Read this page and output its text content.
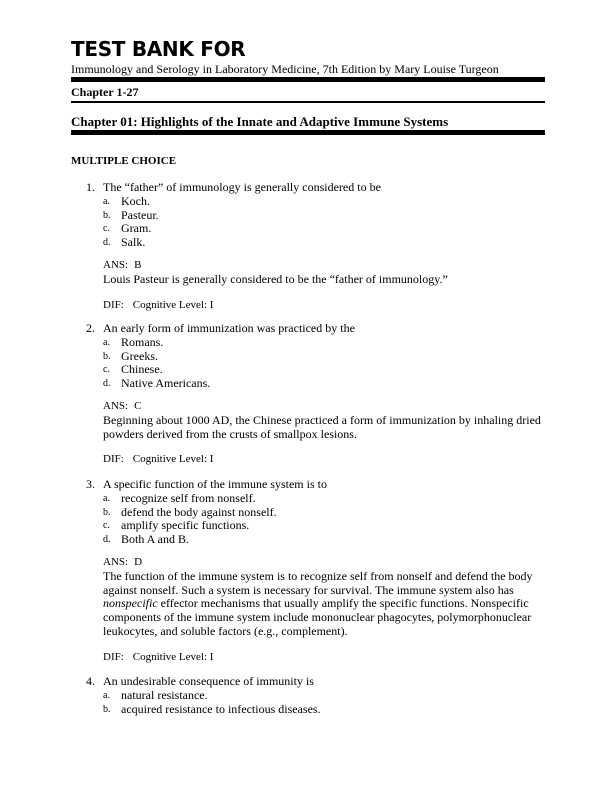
TEST BANK FOR
Immunology and Serology in Laboratory Medicine, 7th Edition by Mary Louise Turgeon
Chapter 1-27
Chapter 01: Highlights of the Innate and Adaptive Immune Systems
MULTIPLE CHOICE
1. The “father” of immunology is generally considered to be
a. Koch.
b. Pasteur.
c. Gram.
d. Salk.
ANS: B
Louis Pasteur is generally considered to be the “father of immunology.”
DIF: Cognitive Level: I
2. An early form of immunization was practiced by the
a. Romans.
b. Greeks.
c. Chinese.
d. Native Americans.
ANS: C
Beginning about 1000 AD, the Chinese practiced a form of immunization by inhaling dried powders derived from the crusts of smallpox lesions.
DIF: Cognitive Level: I
3. A specific function of the immune system is to
a. recognize self from nonself.
b. defend the body against nonself.
c. amplify specific functions.
d. Both A and B.
ANS: D
The function of the immune system is to recognize self from nonself and defend the body against nonself. Such a system is necessary for survival. The immune system also has nonspecific effector mechanisms that usually amplify the specific functions. Nonspecific components of the immune system include mononuclear phagocytes, polymorphonuclear leukocytes, and soluble factors (e.g., complement).
DIF: Cognitive Level: I
4. An undesirable consequence of immunity is
a. natural resistance.
b. acquired resistance to infectious diseases.
